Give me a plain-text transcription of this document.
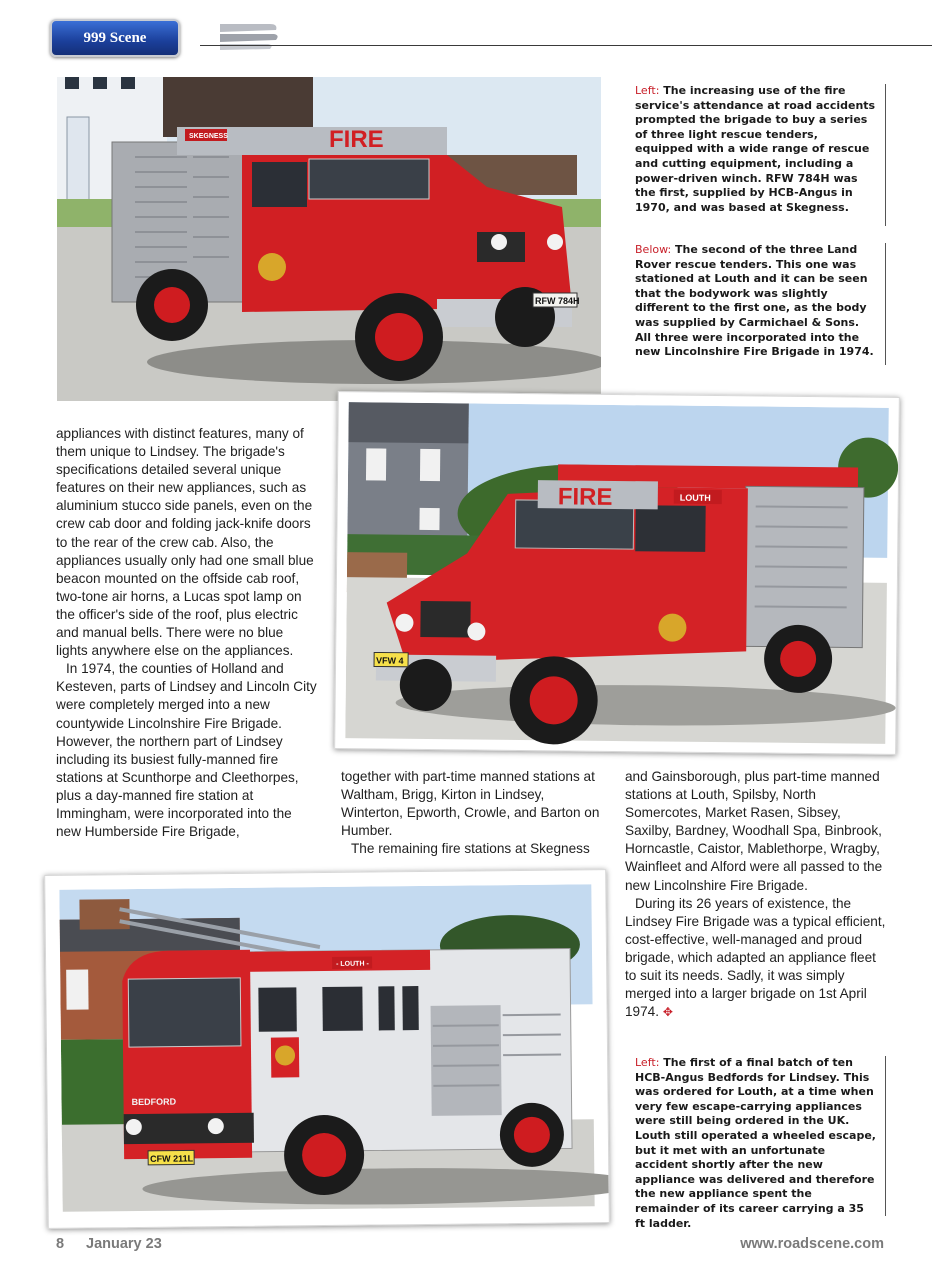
999 Scene
FIRE
SKEGNESS
RFW 784H

Left: The increasing use of the fire service's attendance at road accidents prompted the brigade to buy a series of three light rescue tenders, equipped with a wide range of rescue and cutting equipment, including a power-driven winch. RFW 784H was the first, supplied by HCB-Angus in 1970, and was based at Skegness.

Below: The second of the three Land Rover rescue tenders. This one was stationed at Louth and it can be seen that the bodywork was slightly different to the first one, as the body was supplied by Carmichael & Sons. All three were incorporated into the new Lincolnshire Fire Brigade in 1974.

FIRE	LOUTH
VFW 4

appliances with distinct features, many of them unique to Lindsey. The brigade's specifications detailed several unique features on their new appliances, such as aluminium stucco side panels, even on the crew cab door and folding jack-knife doors to the rear of the crew cab. Also, the appliances usually only had one small blue beacon mounted on the offside cab roof, two-tone air horns, a Lucas spot lamp on the officer's side of the roof, plus electric and manual bells. There were no blue lights anywhere else on the appliances.

In 1974, the counties of Holland and Kesteven, parts of Lindsey and Lincoln City were completely merged into a new countywide Lincolnshire Fire Brigade. However, the northern part of Lindsey including its busiest fully-manned fire stations at Scunthorpe and Cleethorpes, plus a day-manned fire station at Immingham, were incorporated into the new Humberside Fire Brigade,

together with part-time manned stations at Waltham, Brigg, Kirton in Lindsey, Winterton, Epworth, Crowle, and Barton on Humber.

The remaining fire stations at Skegness

and Gainsborough, plus part-time manned stations at Louth, Spilsby, North Somercotes, Market Rasen, Sibsey, Saxilby, Bardney, Woodhall Spa, Binbrook, Horncastle, Caistor, Mablethorpe, Wragby, Wainfleet and Alford were all passed to the new Lincolnshire Fire Brigade.

During its 26 years of existence, the Lindsey Fire Brigade was a typical efficient, cost-effective, well-managed and proud brigade, which adapted an appliance fleet to suit its needs. Sadly, it was simply merged into a larger brigade on 1st April 1974. ✥

- LOUTH -
BEDFORD
CFW 211L

Left: The first of a final batch of ten HCB-Angus Bedfords for Lindsey. This was ordered for Louth, at a time when very few escape-carrying appliances were still being ordered in the UK. Louth still operated a wheeled escape, but it met with an unfortunate accident shortly after the new appliance was delivered and therefore the new appliance spent the remainder of its career carrying a 35 ft ladder.

8 January 23	www.roadscene.com
